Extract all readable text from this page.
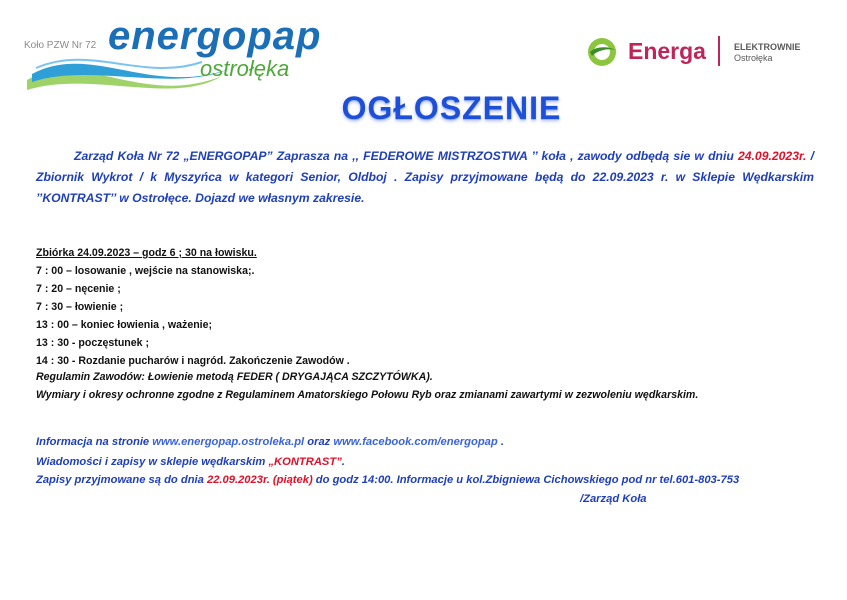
Koło PZW Nr 72 energopap
ostrołęka
Energa	ELEKTROWNIE
Ostrołęka
OGŁOSZENIE
Zarząd Koła Nr 72 „ENERGOPAP” Zaprasza na ,, FEDEROWE MISTRZOSTWA ’’ koła , zawody odbędą sie w dniu 24.09.2023r. / Zbiornik Wykrot / k Myszyńca w kategori Senior, Oldboj . Zapisy przyjmowane będą do 22.09.2023 r. w Sklepie Wędkarskim ’’KONTRAST’’ w Ostrołęce. Dojazd we własnym zakresie.
Zbiórka 24.09.2023 – godz 6 ; 30 na łowisku.
7 : 00 – losowanie , wejście na stanowiska;.
7 : 20 – nęcenie ;
7 : 30 – łowienie ;
13 : 00 – koniec łowienia , ważenie;
13 : 30 - poczęstunek ;
14 : 30 - Rozdanie pucharów i nagród. Zakończenie Zawodów .
Regulamin Zawodów: Łowienie metodą FEDER ( DRYGAJĄCA SZCZYTÓWKA).
Wymiary i okresy ochronne zgodne z Regulaminem Amatorskiego Połowu Ryb oraz zmianami zawartymi w zezwoleniu wędkarskim.
Informacja na stronie www.energopap.ostroleka.pl oraz www.facebook.com/energopap .
Wiadomości i zapisy w sklepie wędkarskim „KONTRAST”.
Zapisy przyjmowane są do dnia 22.09.2023r. (piątek) do godz 14:00. Informacje u kol.Zbigniewa Cichowskiego pod nr tel.601-803-753
/Zarząd Koła
